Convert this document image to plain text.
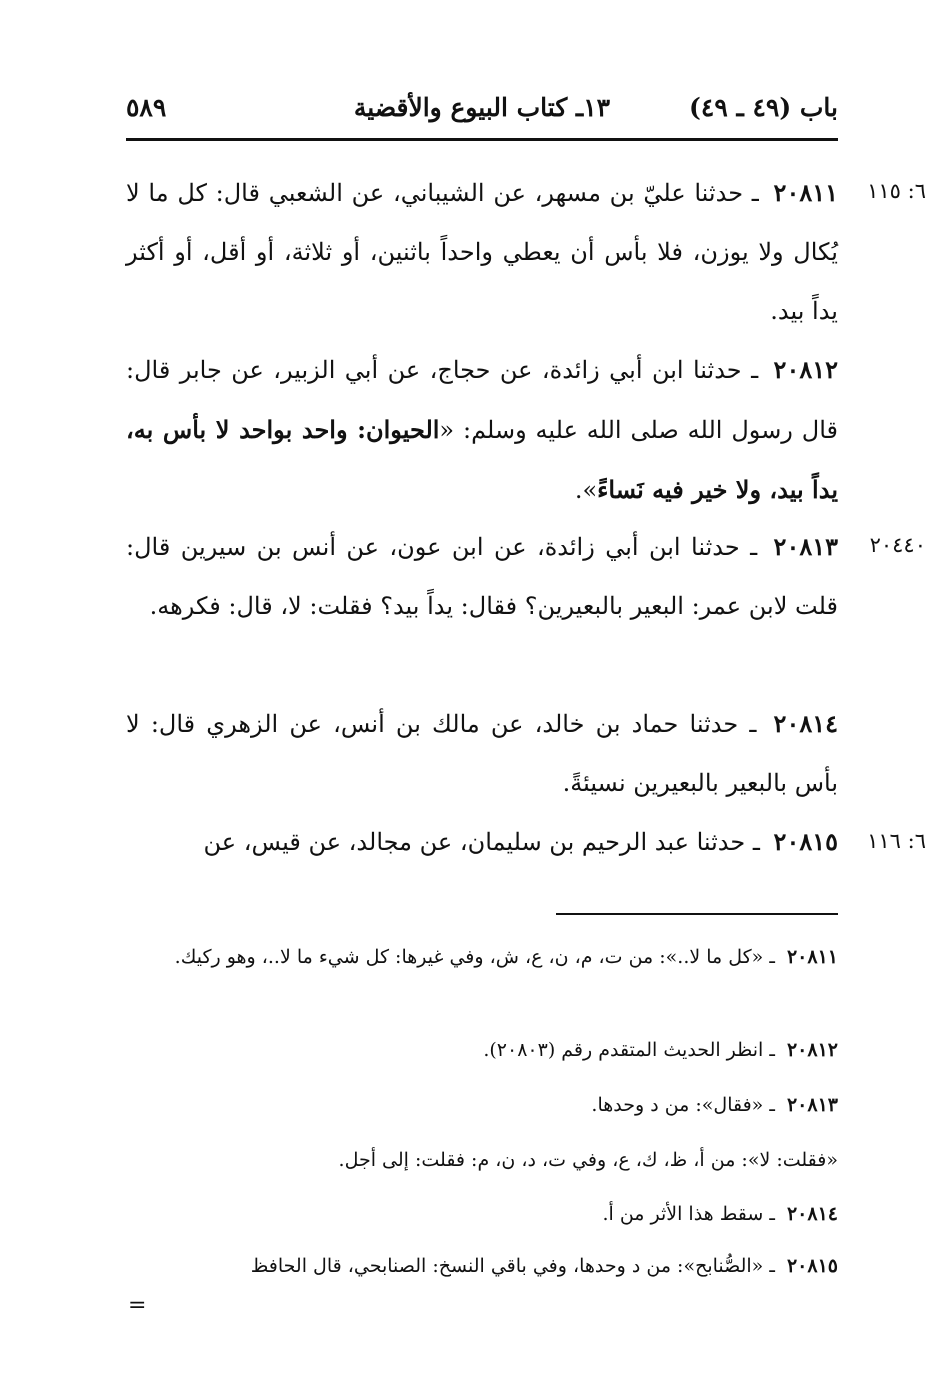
باب (٤٩ ـ ٤٩)
١٣ـ كتاب البيوع والأقضية
٥٨٩
٦: ١١٥
٢٠٤٤٠
٦: ١١٦
٢٠٨١١ ـ حدثنا عليّ بن مسهر، عن الشيباني، عن الشعبي قال: كل ما لا يُكال ولا يوزن، فلا بأس أن يعطي واحداً باثنين، أو ثلاثة، أو أقل، أو أكثر يداً بيد.
٢٠٨١٢ ـ حدثنا ابن أبي زائدة، عن حجاج، عن أبي الزبير، عن جابر قال: قال رسول الله صلى الله عليه وسلم: «الحيوان: واحد بواحد لا بأس به، يداً بيد، ولا خير فيه نَساءً».
٢٠٨١٣ ـ حدثنا ابن أبي زائدة، عن ابن عون، عن أنس بن سيرين قال: قلت لابن عمر: البعير بالبعيرين؟ فقال: يداً بيد؟ فقلت: لا، قال: فكرهه.
٢٠٨١٤ ـ حدثنا حماد بن خالد، عن مالك بن أنس، عن الزهري قال: لا بأس بالبعير بالبعيرين نسيئةً.
٢٠٨١٥ ـ حدثنا عبد الرحيم بن سليمان، عن مجالد، عن قيس، عن
٢٠٨١١ ـ «كل ما لا..»: من ت، م، ن، ع، ش، وفي غيرها: كل شيء ما لا..، وهو ركيك.
٢٠٨١٢ ـ انظر الحديث المتقدم رقم (٢٠٨٠٣).
٢٠٨١٣ ـ «فقال»: من د وحدها.
«فقلت: لا»: من أ، ظ، ك، ع، وفي ت، د، ن، م: فقلت: إلى أجل.
٢٠٨١٤ ـ سقط هذا الأثر من أ.
٢٠٨١٥ ـ «الصُّنابح»: من د وحدها، وفي باقي النسخ: الصنابحي، قال الحافظ
=
